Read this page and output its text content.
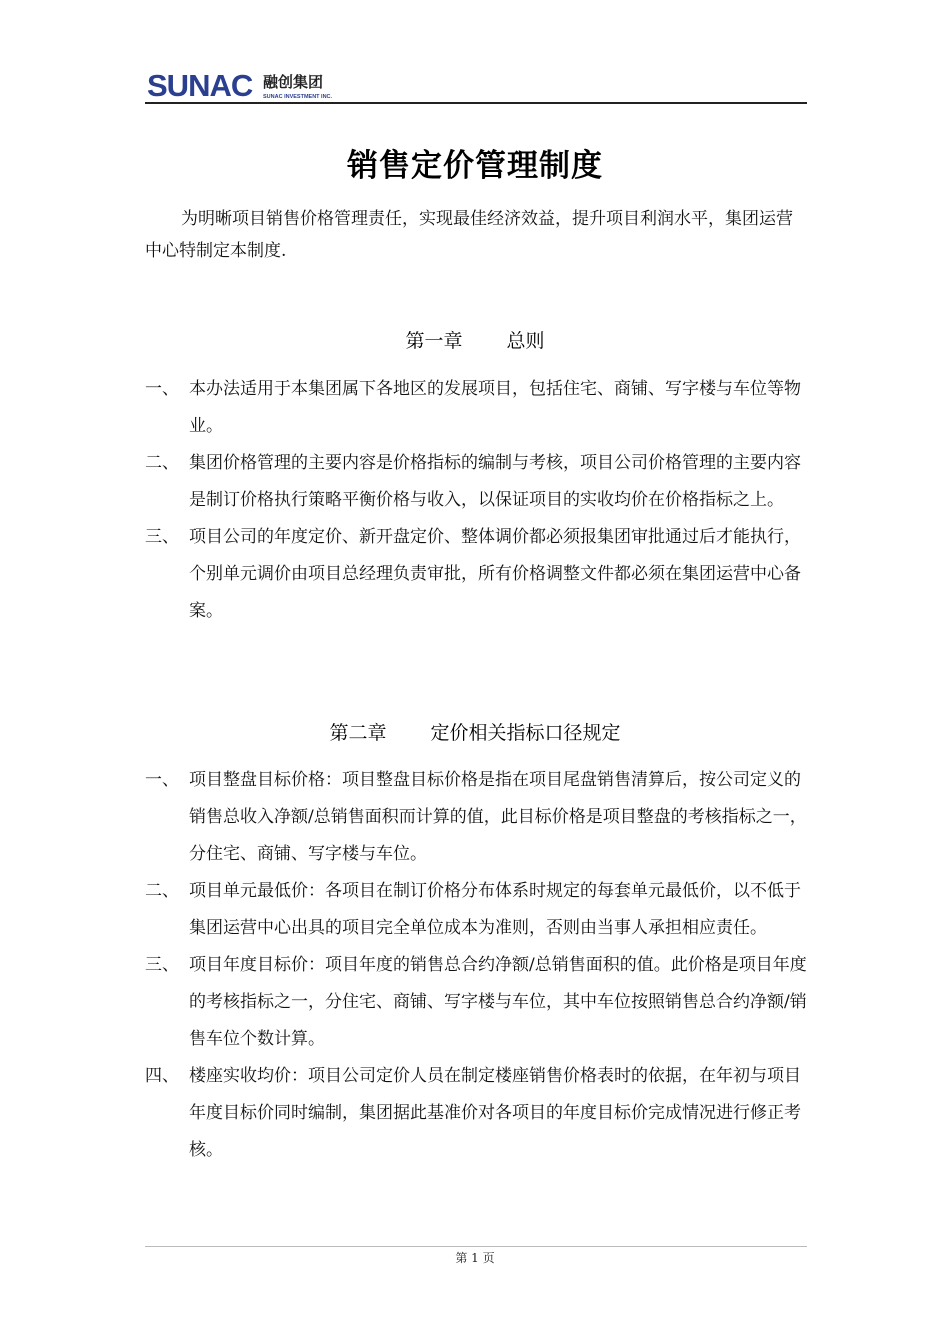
SUNAC 融创集团
SUNAC INVESTMENT INC.
销售定价管理制度
为明晰项目销售价格管理责任，实现最佳经济效益，提升项目利润水平，集团运营中心特制定本制度.
第一章 总则
一、 本办法适用于本集团属下各地区的发展项目，包括住宅、商铺、写字楼与车位等物业。
二、 集团价格管理的主要内容是价格指标的编制与考核，项目公司价格管理的主要内容是制订价格执行策略平衡价格与收入，以保证项目的实收均价在价格指标之上。
三、 项目公司的年度定价、新开盘定价、整体调价都必须报集团审批通过后才能执行，个别单元调价由项目总经理负责审批，所有价格调整文件都必须在集团运营中心备案。
第二章 定价相关指标口径规定
一、 项目整盘目标价格：项目整盘目标价格是指在项目尾盘销售清算后，按公司定义的销售总收入净额/总销售面积而计算的值，此目标价格是项目整盘的考核指标之一，分住宅、商铺、写字楼与车位。
二、 项目单元最低价：各项目在制订价格分布体系时规定的每套单元最低价，以不低于集团运营中心出具的项目完全单位成本为准则，否则由当事人承担相应责任。
三、 项目年度目标价：项目年度的销售总合约净额/总销售面积的值。此价格是项目年度的考核指标之一，分住宅、商铺、写字楼与车位，其中车位按照销售总合约净额/销售车位个数计算。
四、 楼座实收均价：项目公司定价人员在制定楼座销售价格表时的依据，在年初与项目年度目标价同时编制，集团据此基准价对各项目的年度目标价完成情况进行修正考核。
第 1 页
